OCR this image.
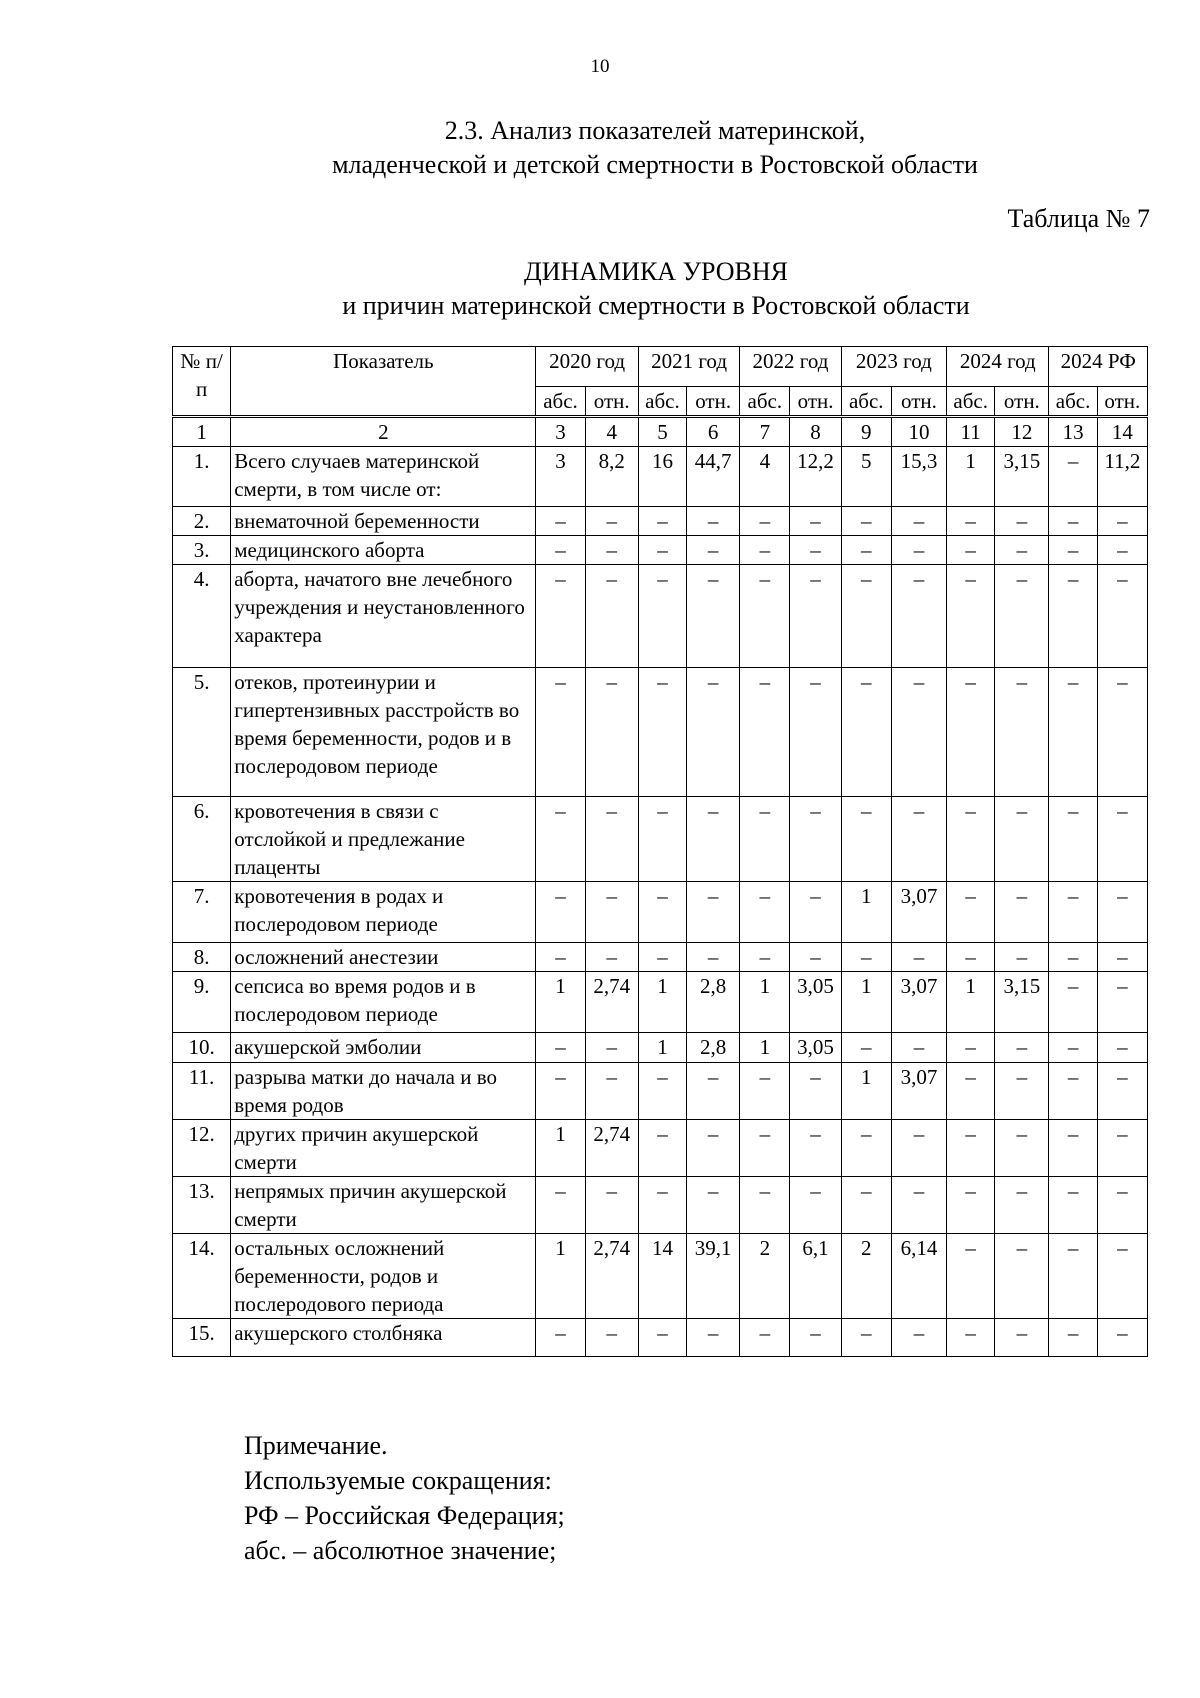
10
2.3. Анализ показателей материнской,
младенческой и детской смертности в Ростовской области
Таблица № 7
ДИНАМИКА УРОВНЯ
и причин материнской смертности в Ростовской области
№ п/п	Показатель	2020 год		2021 год		2022 год		2023 год		2024 год		2024 РФ	
		абс.	отн.	абс.	отн.	абс.	отн.	абс.	отн.	абс.	отн.	абс.	отн.
1	2	3	4	5	6	7	8	9	10	11	12	13	14
1.	Всего случаев материнской смерти, в том числе от:	3	8,2	16	44,7	4	12,2	5	15,3	1	3,15	–	11,2
2.	внематочной беременности	–	–	–	–	–	–	–	–	–	–	–	–
3.	медицинского аборта	–	–	–	–	–	–	–	–	–	–	–	–
4.	аборта, начатого вне лечебного учреждения и неустановленного характера	–	–	–	–	–	–	–	–	–	–	–	–
5.	отеков, протеинурии и гипертензивных расстройств во время беременности, родов и в послеродовом периоде	–	–	–	–	–	–	–	–	–	–	–	–
6.	кровотечения в связи с отслойкой и предлежание плаценты	–	–	–	–	–	–	–	–	–	–	–	–
7.	кровотечения в родах и послеродовом периоде	–	–	–	–	–	–	1	3,07	–	–	–	–
8.	осложнений анестезии	–	–	–	–	–	–	–	–	–	–	–	–
9.	сепсиса во время родов и в послеродовом периоде	1	2,74	1	2,8	1	3,05	1	3,07	1	3,15	–	–
10.	акушерской эмболии	–	–	1	2,8	1	3,05	–	–	–	–	–	–
11.	разрыва матки до начала и во время родов	–	–	–	–	–	–	1	3,07	–	–	–	–
12.	других причин акушерской смерти	1	2,74	–	–	–	–	–	–	–	–	–	–
13.	непрямых причин акушерской смерти	–	–	–	–	–	–	–	–	–	–	–	–
14.	остальных осложнений беременности, родов и послеродового периода	1	2,74	14	39,1	2	6,1	2	6,14	–	–	–	–
15.	акушерского столбняка	–	–	–	–	–	–	–	–	–	–	–	–
Примечание.
Используемые сокращения:
РФ – Российская Федерация;
абс. – абсолютное значение;
